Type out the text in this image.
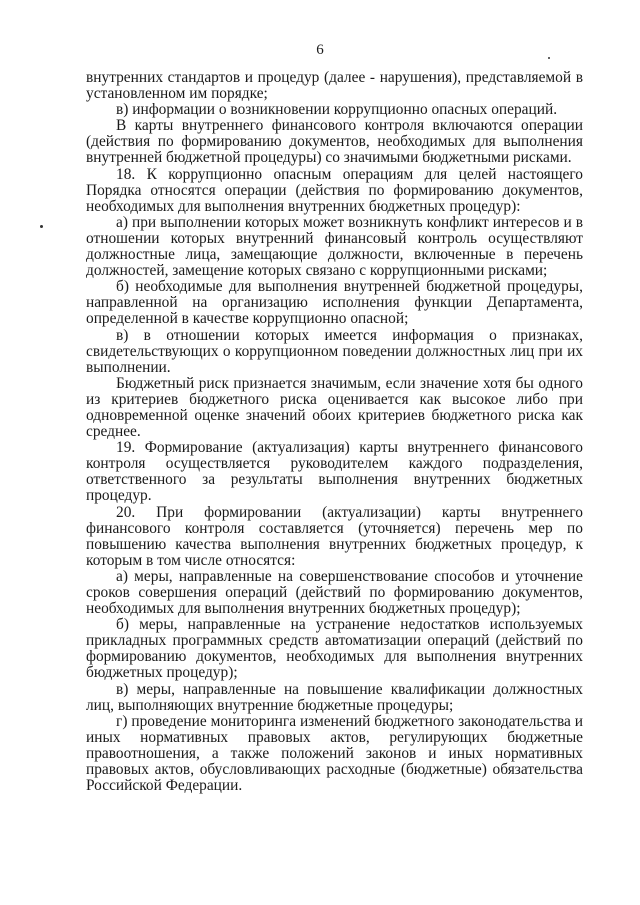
6

внутренних стандартов и процедур (далее - нарушения), представляемой в установленном им порядке;

в) информации о возникновении коррупционно опасных операций.

В карты внутреннего финансового контроля включаются операции (действия по формированию документов, необходимых для выполнения внутренней бюджетной процедуры) со значимыми бюджетными рисками.

18. К коррупционно опасным операциям для целей настоящего Порядка относятся операции (действия по формированию документов, необходимых для выполнения внутренних бюджетных процедур):

а) при выполнении которых может возникнуть конфликт интересов и в отношении которых внутренний финансовый контроль осуществляют должностные лица, замещающие должности, включенные в перечень должностей, замещение которых связано с коррупционными рисками;

б) необходимые для выполнения внутренней бюджетной процедуры, направленной на организацию исполнения функции Департамента, определенной в качестве коррупционно опасной;

в) в отношении которых имеется информация о признаках, свидетельствующих о коррупционном поведении должностных лиц при их выполнении.

Бюджетный риск признается значимым, если значение хотя бы одного из критериев бюджетного риска оценивается как высокое либо при одновременной оценке значений обоих критериев бюджетного риска как среднее.

19. Формирование (актуализация) карты внутреннего финансового контроля осуществляется руководителем каждого подразделения, ответственного за результаты выполнения внутренних бюджетных процедур.

20. При формировании (актуализации) карты внутреннего финансового контроля составляется (уточняется) перечень мер по повышению качества выполнения внутренних бюджетных процедур, к которым в том числе относятся:

а) меры, направленные на совершенствование способов и уточнение сроков совершения операций (действий по формированию документов, необходимых для выполнения внутренних бюджетных процедур);

б) меры, направленные на устранение недостатков используемых прикладных программных средств автоматизации операций (действий по формированию документов, необходимых для выполнения внутренних бюджетных процедур);

в) меры, направленные на повышение квалификации должностных лиц, выполняющих внутренние бюджетные процедуры;

г) проведение мониторинга изменений бюджетного законодательства и иных нормативных правовых актов, регулирующих бюджетные правоотношения, а также положений законов и иных нормативных правовых актов, обусловливающих расходные (бюджетные) обязательства Российской Федерации.
